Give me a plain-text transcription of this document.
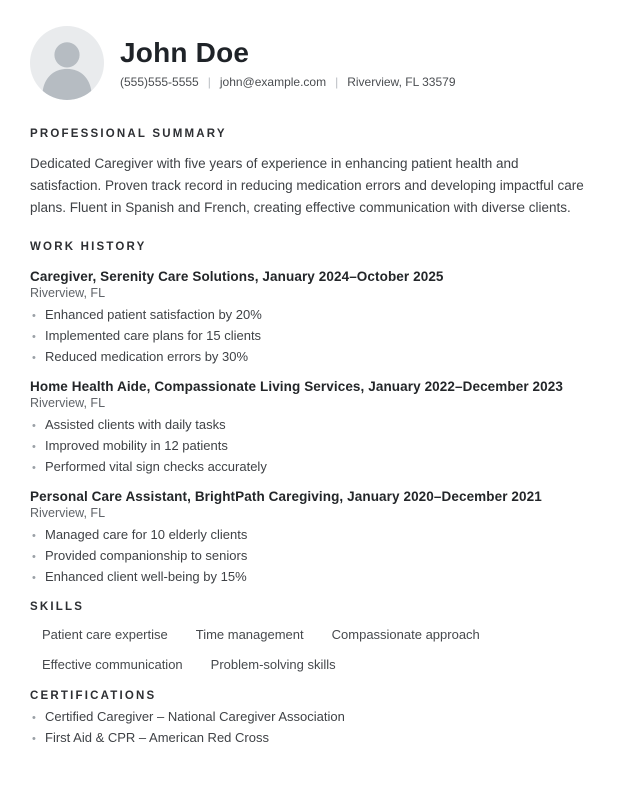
John Doe
(555)555-5555 | john@example.com | Riverview, FL 33579
PROFESSIONAL SUMMARY

Dedicated Caregiver with five years of experience in enhancing patient health and satisfaction. Proven track record in reducing medication errors and developing impactful care plans. Fluent in Spanish and French, creating effective communication with diverse clients.

WORK HISTORY
Caregiver, Serenity Care Solutions, January 2024–October 2025
Riverview, FL
• Enhanced patient satisfaction by 20%
• Implemented care plans for 15 clients
• Reduced medication errors by 30%
Home Health Aide, Compassionate Living Services, January 2022–December 2023
Riverview, FL
• Assisted clients with daily tasks
• Improved mobility in 12 patients
• Performed vital sign checks accurately
Personal Care Assistant, BrightPath Caregiving, January 2020–December 2021
Riverview, FL
• Managed care for 10 elderly clients
• Provided companionship to seniors
• Enhanced client well-being by 15%
SKILLS
Patient care expertise Time management Compassionate approach
Effective communication Problem-solving skills
CERTIFICATIONS
• Certified Caregiver – National Caregiver Association
• First Aid & CPR – American Red Cross
